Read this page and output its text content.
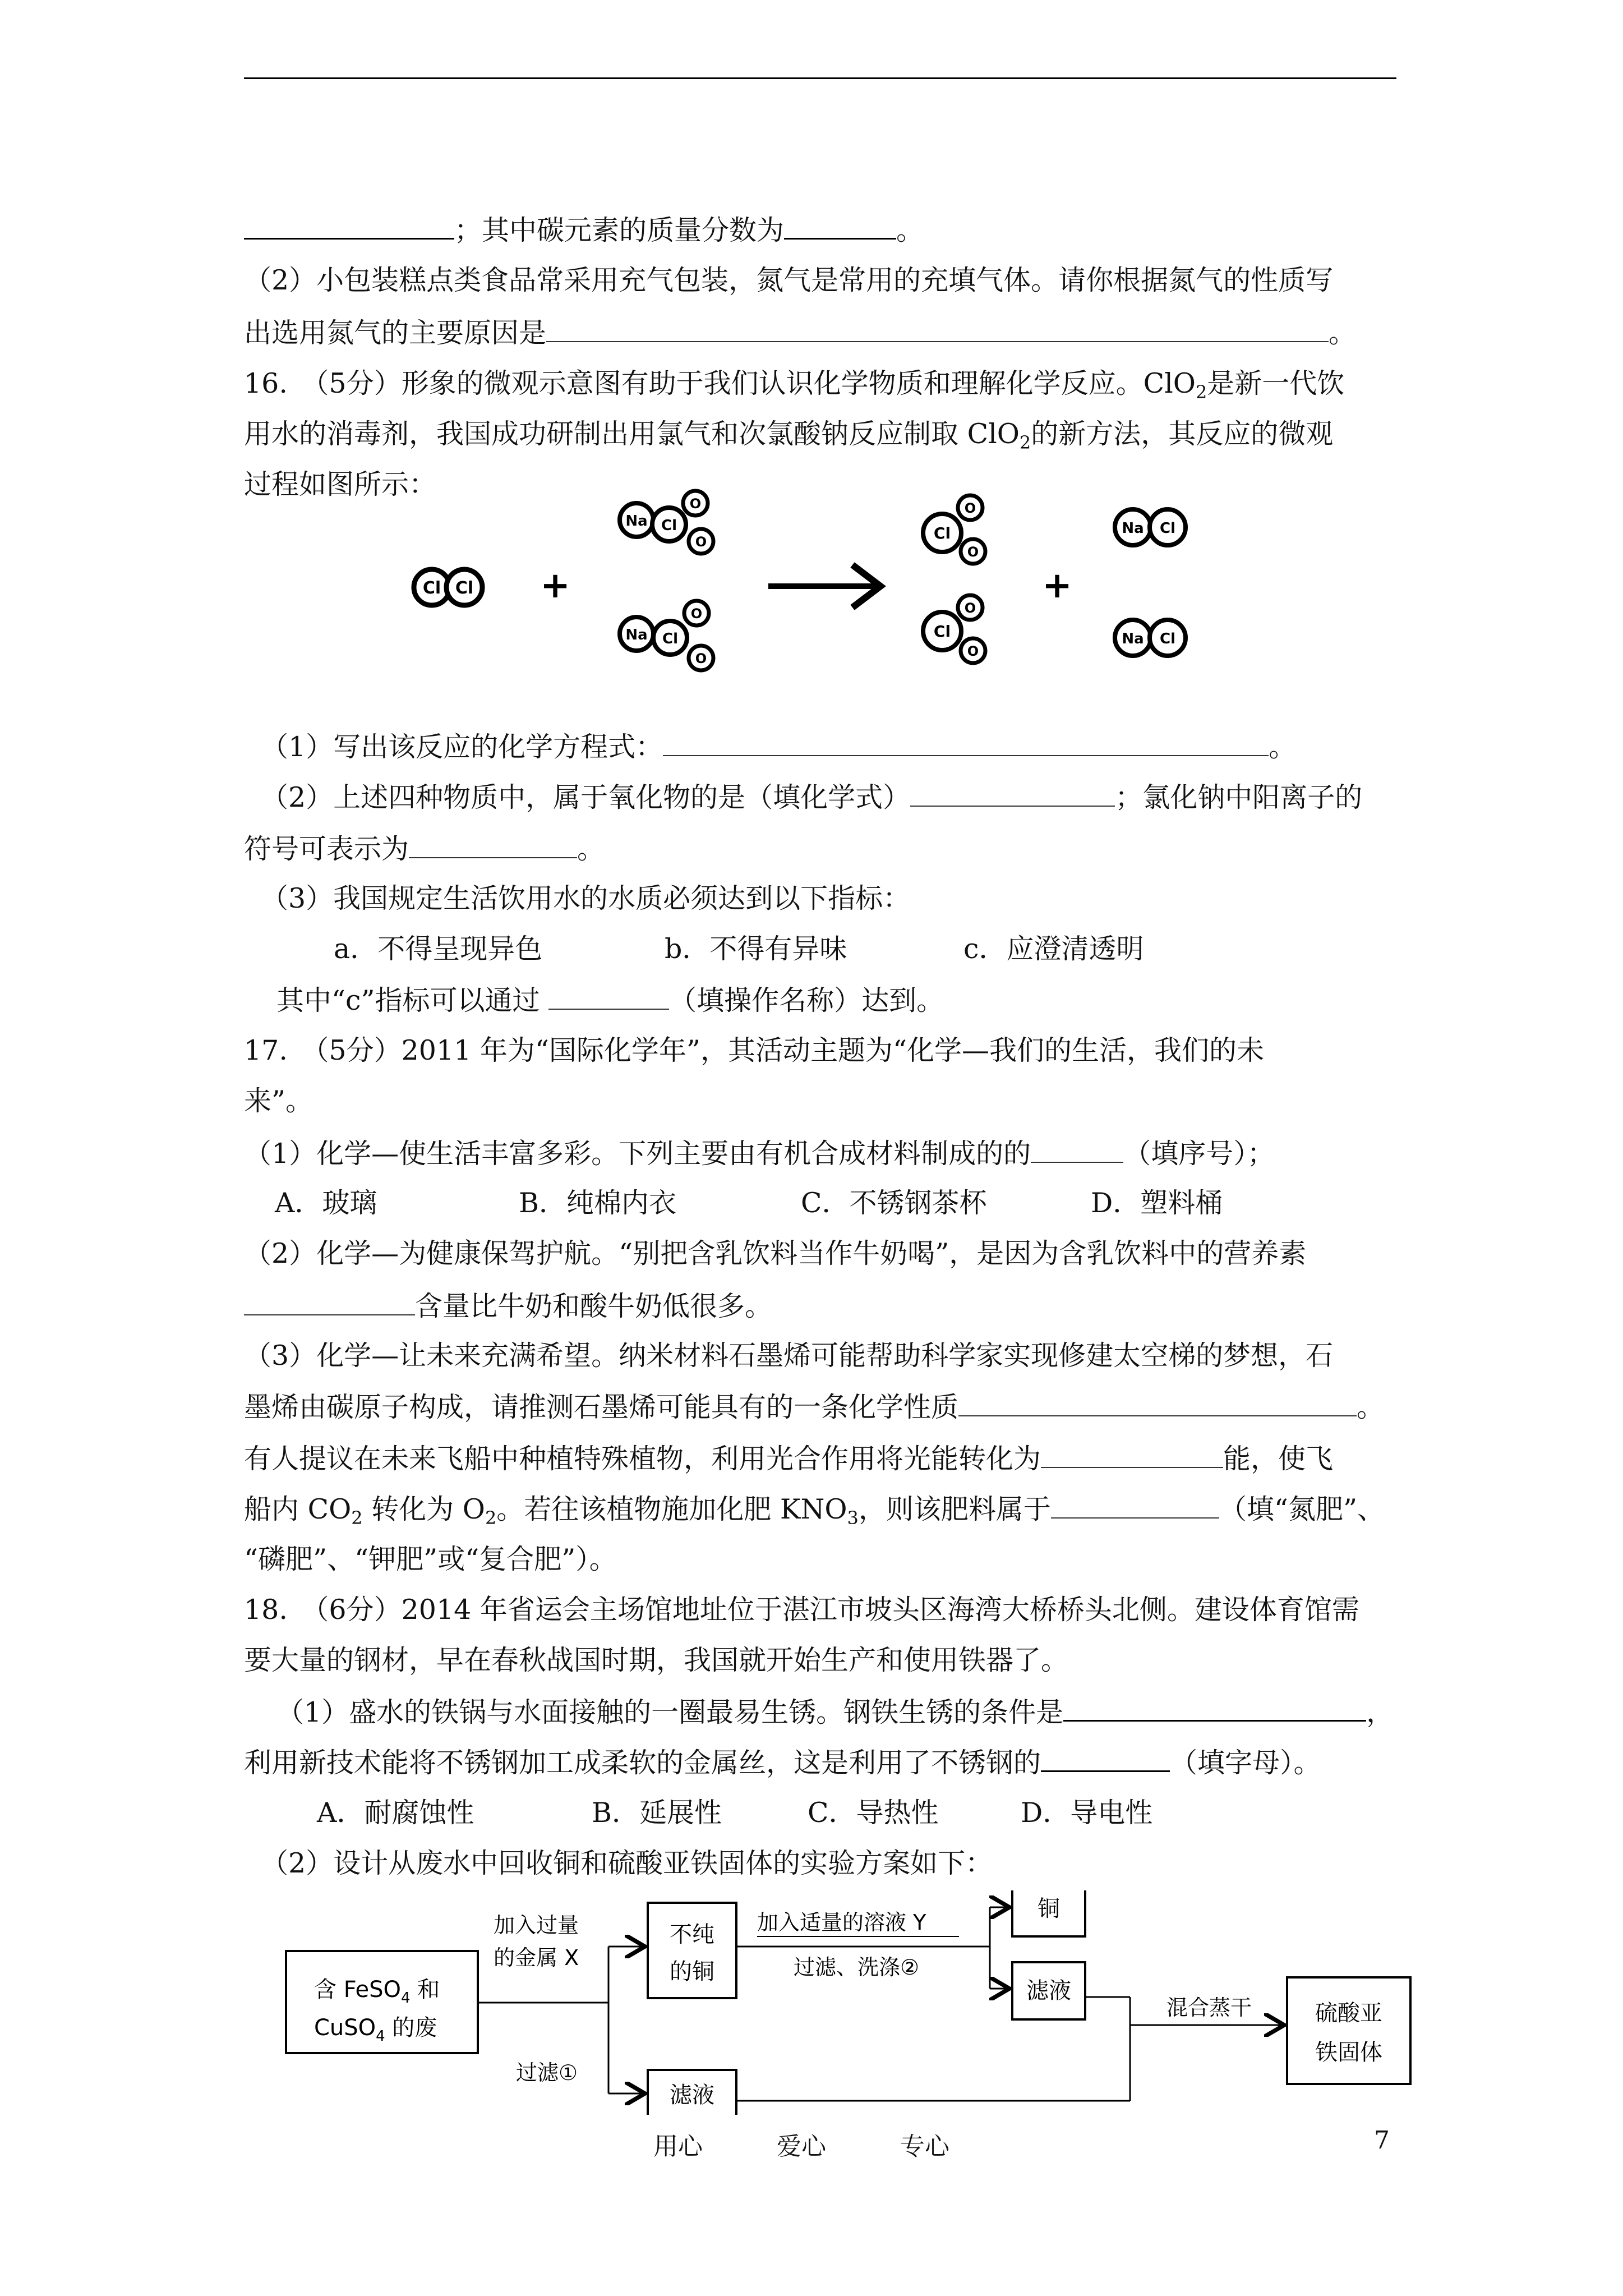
；其中碳元素的质量分数为	。
（2）小包装糕点类食品常采用充气包装，氮气是常用的充填气体。请你根据氮气的性质写
出选用氮气的主要原因是	。
16.　（5分）形象的微观示意图有助于我们认识化学物质和理解化学反应。ClO$_2$是新一代饮
用水的消毒剂，我国成功研制出用氯气和次氯酸钠反应制取 ClO$_2$的新方法，其反应的微观
过程如图所示：
Cl Cl +
Na Cl
O
O
Na Cl
O
O
Cl
O
O
Cl
O
O
+
Na Cl
Na Cl
（1）写出该反应的化学方程式：	。
（2）上述四种物质中，属于氧化物的是（填化学式）	；氯化钠中阳离子的
符号可表示为	。
（3）我国规定生活饮用水的水质必须达到以下指标：
a．不得呈现异色	b．不得有异味	c．应澄清透明
其中“c”指标可以通过	（填操作名称）达到。
17.　（5分）2011 年为“国际化学年”，其活动主题为“化学—我们的生活，我们的未
来”。
（1）化学—使生活丰富多彩。下列主要由有机合成材料制成的的	（填序号）；
A．玻璃	B．纯棉内衣	C．不锈钢茶杯	D．塑料桶
（2）化学—为健康保驾护航。“别把含乳饮料当作牛奶喝”，是因为含乳饮料中的营养素
含量比牛奶和酸牛奶低很多。
（3）化学—让未来充满希望。纳米材料石墨烯可能帮助科学家实现修建太空梯的梦想，石
墨烯由碳原子构成，请推测石墨烯可能具有的一条化学性质	。
有人提议在未来飞船中种植特殊植物，利用光合作用将光能转化为	能，使飞
船内 $CO_2$ 转化为 $O_2$。若往该植物施加化肥 $KNO_3$，则该肥料属于	（填“氮肥”、
“磷肥”、“钾肥”或“复合肥”）。
18.　（6分）2014 年省运会主场馆地址位于湛江市坡头区海湾大桥桥头北侧。建设体育馆需
要大量的钢材，早在春秋战国时期，我国就开始生产和使用铁器了。
（1）盛水的铁锅与水面接触的一圈最易生锈。钢铁生锈的条件是	，
利用新技术能将不锈钢加工成柔软的金属丝，这是利用了不锈钢的	（填字母）。
A．耐腐蚀性	B．延展性	C．导热性	D．导电性
（2）设计从废水中回收铜和硫酸亚铁固体的实验方案如下：
含 FeSO$_4$ 和
CuSO$_4$ 的废
加入过量
的金属 X
过滤①
不纯
的铜
滤液
加入适量的溶液 Y
过滤、洗涤②
铜
滤液
混合蒸干	硫酸亚
铁固体
用心　　　爱心　　　专心	7
